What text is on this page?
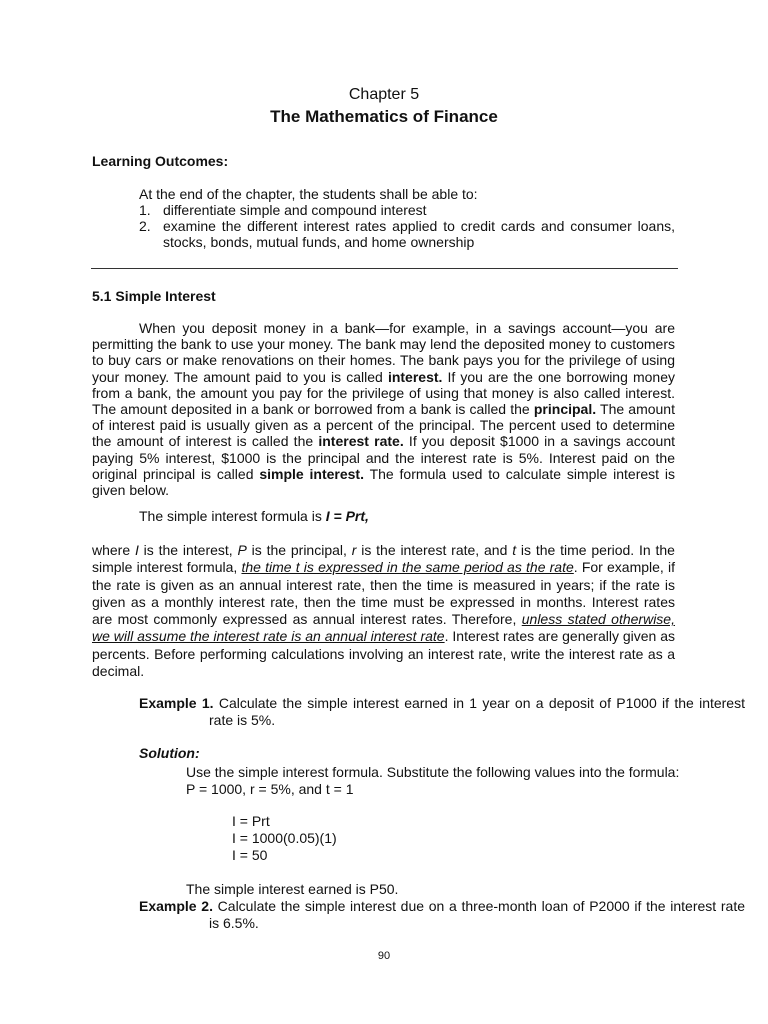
Chapter 5
The Mathematics of Finance
Learning Outcomes:
At the end of the chapter, the students shall be able to:
1. differentiate simple and compound interest
2. examine the different interest rates applied to credit cards and consumer loans, stocks, bonds, mutual funds, and home ownership
5.1 Simple Interest
When you deposit money in a bank—for example, in a savings account—you are permitting the bank to use your money. The bank may lend the deposited money to customers to buy cars or make renovations on their homes. The bank pays you for the privilege of using your money. The amount paid to you is called interest. If you are the one borrowing money from a bank, the amount you pay for the privilege of using that money is also called interest. The amount deposited in a bank or borrowed from a bank is called the principal. The amount of interest paid is usually given as a percent of the principal. The percent used to determine the amount of interest is called the interest rate. If you deposit $1000 in a savings account paying 5% interest, $1000 is the principal and the interest rate is 5%. Interest paid on the original principal is called simple interest. The formula used to calculate simple interest is given below.
The simple interest formula is I = Prt,
where I is the interest, P is the principal, r is the interest rate, and t is the time period. In the simple interest formula, the time t is expressed in the same period as the rate. For example, if the rate is given as an annual interest rate, then the time is measured in years; if the rate is given as a monthly interest rate, then the time must be expressed in months. Interest rates are most commonly expressed as annual interest rates. Therefore, unless stated otherwise, we will assume the interest rate is an annual interest rate. Interest rates are generally given as percents. Before performing calculations involving an interest rate, write the interest rate as a decimal.
Example 1. Calculate the simple interest earned in 1 year on a deposit of P1000 if the interest rate is 5%.
Solution:
Use the simple interest formula. Substitute the following values into the formula:
P = 1000, r = 5%, and t = 1
I = Prt
I = 1000(0.05)(1)
I = 50
The simple interest earned is P50.
Example 2. Calculate the simple interest due on a three-month loan of P2000 if the interest rate is 6.5%.
90
